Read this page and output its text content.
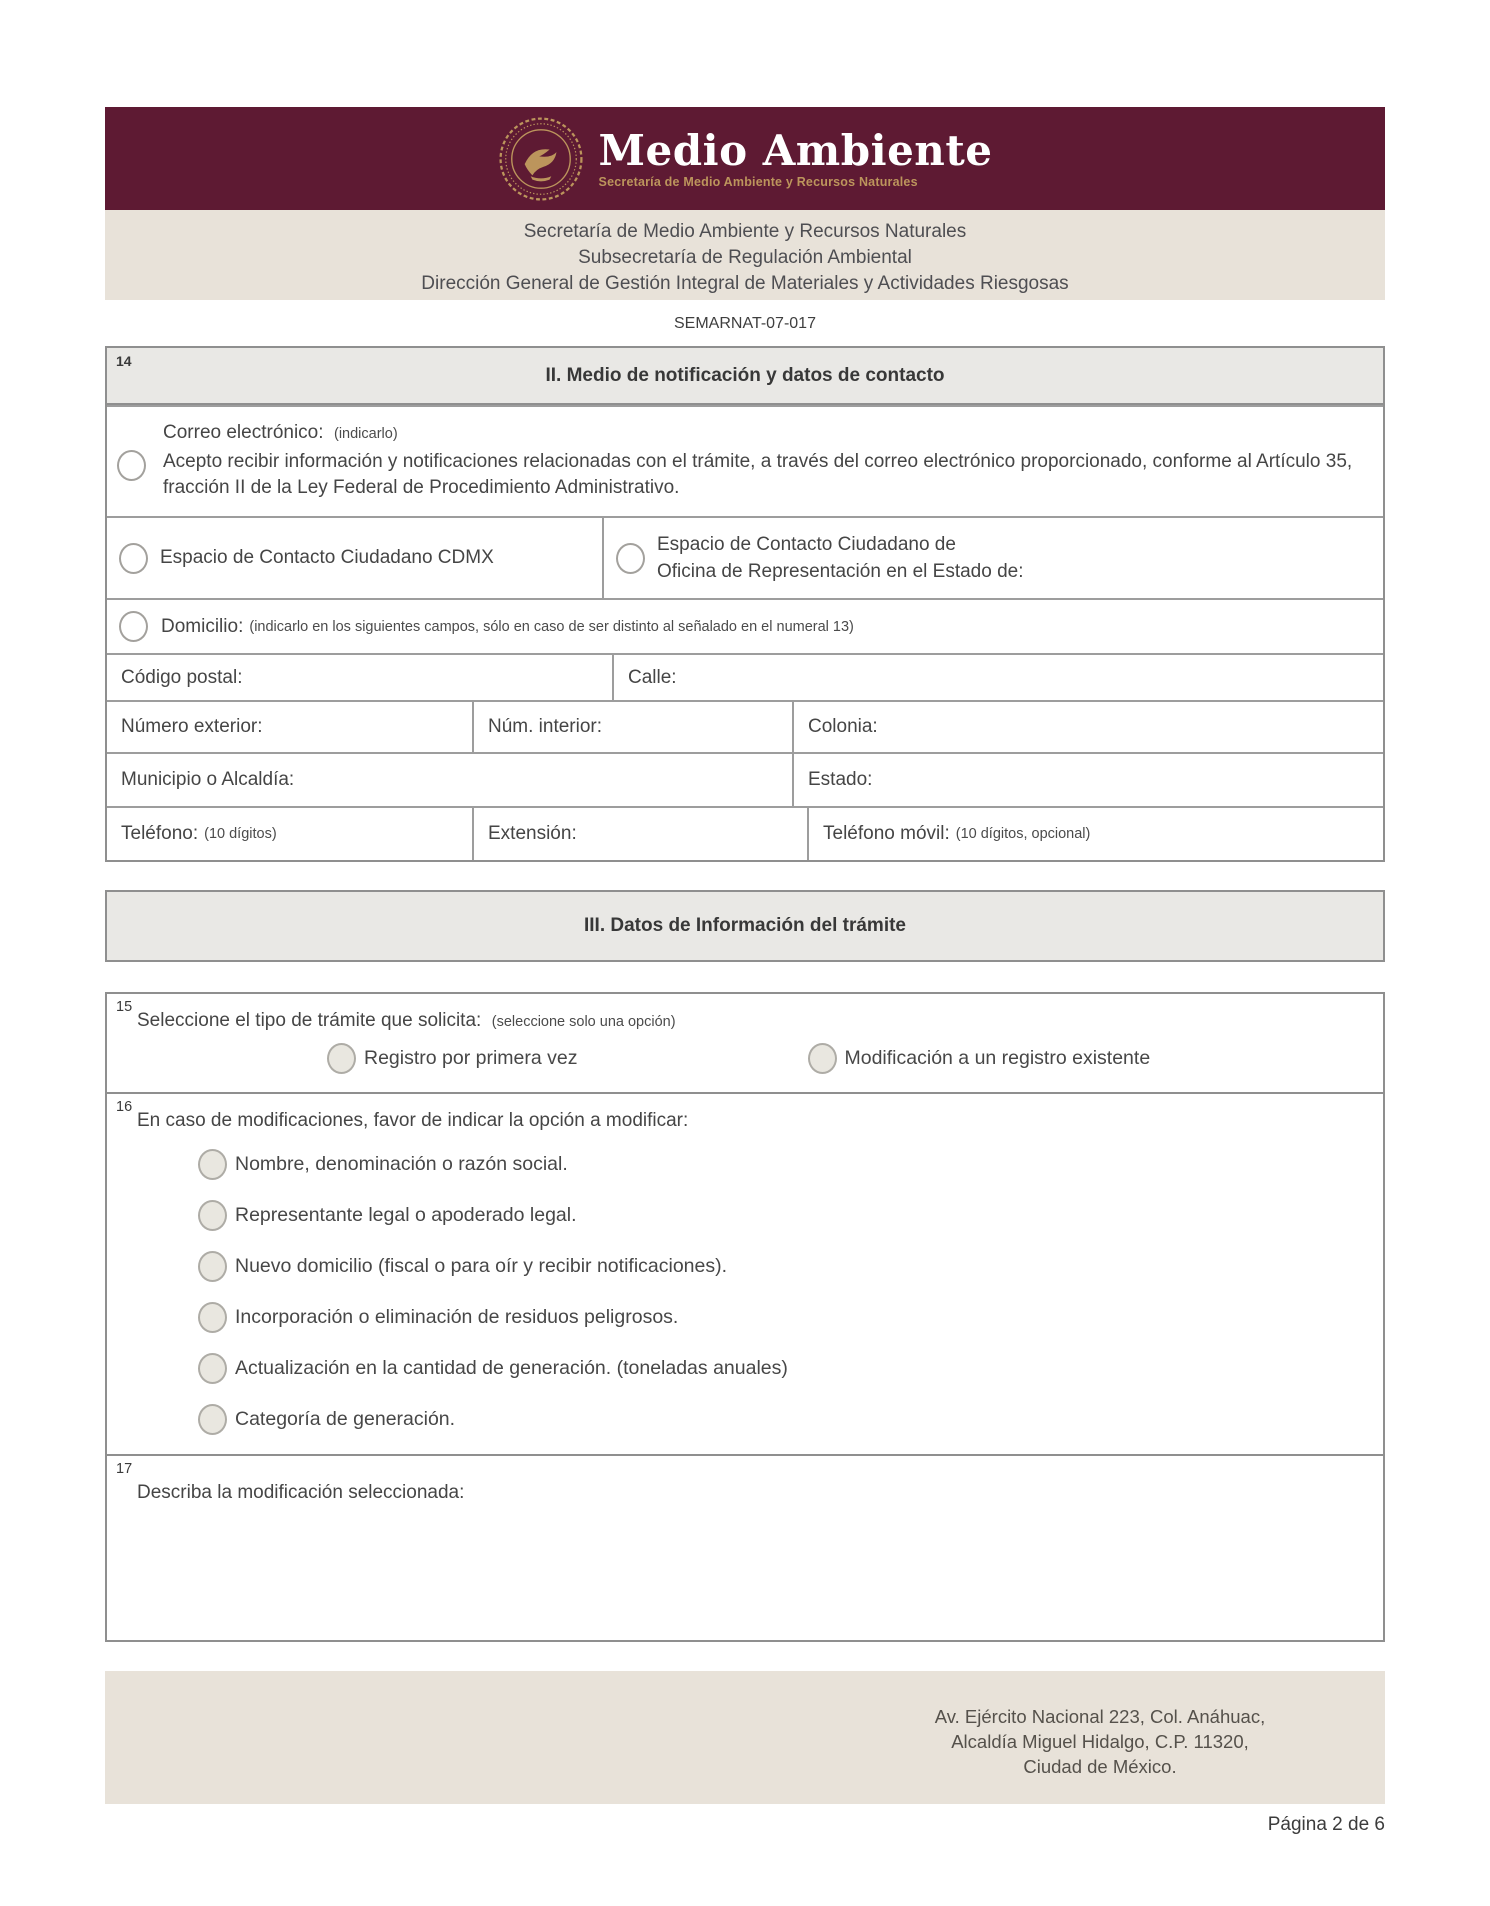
Medio Ambiente
Secretaría de Medio Ambiente y Recursos Naturales
Secretaría de Medio Ambiente y Recursos Naturales
Subsecretaría de Regulación Ambiental
Dirección General de Gestión Integral de Materiales y Actividades Riesgosas
SEMARNAT-07-017
14
II. Medio de notificación y datos de contacto
Correo electrónico: (indicarlo)

Acepto recibir información y notificaciones relacionadas con el trámite, a través del correo electrónico proporcionado, conforme al Artículo 35, fracción II de la Ley Federal de Procedimiento Administrativo.

Espacio de Contacto Ciudadano CDMX
Espacio de Contacto Ciudadano de
Oficina de Representación en el Estado de:
Domicilio: (indicarlo en los siguientes campos, sólo en caso de ser distinto al señalado en el numeral 13)
Código postal:	Calle:
Número exterior:	Núm. interior:	Colonia:
Municipio o Alcaldía:	Estado:
Teléfono: (10 dígitos)	Extensión:	Teléfono móvil: (10 dígitos, opcional)
III. Datos de Información del trámite
15
Seleccione el tipo de trámite que solicita: (seleccione solo una opción)
Registro por primera vez	Modificación a un registro existente
16
En caso de modificaciones, favor de indicar la opción a modificar:
Nombre, denominación o razón social.
Representante legal o apoderado legal.
Nuevo domicilio (fiscal o para oír y recibir notificaciones).
Incorporación o eliminación de residuos peligrosos.
Actualización en la cantidad de generación. (toneladas anuales)
Categoría de generación.
17
Describa la modificación seleccionada:
Av. Ejército Nacional 223, Col. Anáhuac,
Alcaldía Miguel Hidalgo, C.P. 11320,
Ciudad de México.
Página 2 de 6
